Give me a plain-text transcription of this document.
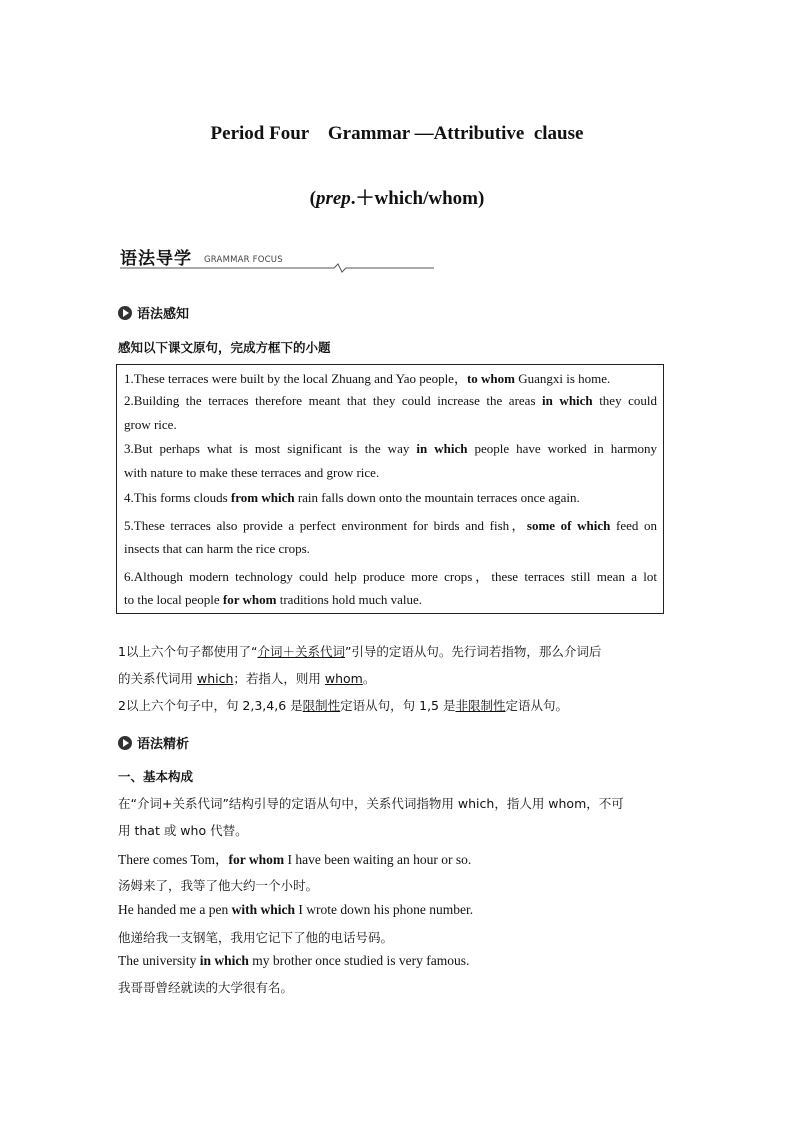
Period Four    Grammar —Attributive  clause
(prep.＋which/whom)
语法导学 GRAMMAR FOCUS
语法感知
感知以下课文原句，完成方框下的小题
1.These terraces were built by the local Zhuang and Yao people，to whom Guangxi is home.
2.Building the terraces therefore meant that they could increase the areas in which they could
grow rice.
3.But perhaps what is most significant is the way in which people have worked in harmony
with nature to make these terraces and grow rice.
4.This forms clouds from which rain falls down onto the mountain terraces once again.
5.These terraces also provide a perfect environment for birds and fish，some of which feed on
insects that can harm the rice crops.
6.Although modern technology could help produce more crops，these terraces still mean a lot
to the local people for whom traditions hold much value.
1以上六个句子都使用了“介词＋关系代词”引导的定语从句。先行词若指物，那么介词后
的关系代词用 which；若指人，则用 whom。
2以上六个句子中，句 2,3,4,6 是限制性定语从句，句 1,5 是非限制性定语从句。
语法精析
一、基本构成
在“介词+关系代词”结构引导的定语从句中，关系代词指物用 which，指人用 whom，不可
用 that 或 who 代替。
There comes Tom，for whom I have been waiting an hour or so.
汤姆来了，我等了他大约一个小时。
He handed me a pen with which I wrote down his phone number.
他递给我一支钢笔，我用它记下了他的电话号码。
The university in which my brother once studied is very famous.
我哥哥曾经就读的大学很有名。
